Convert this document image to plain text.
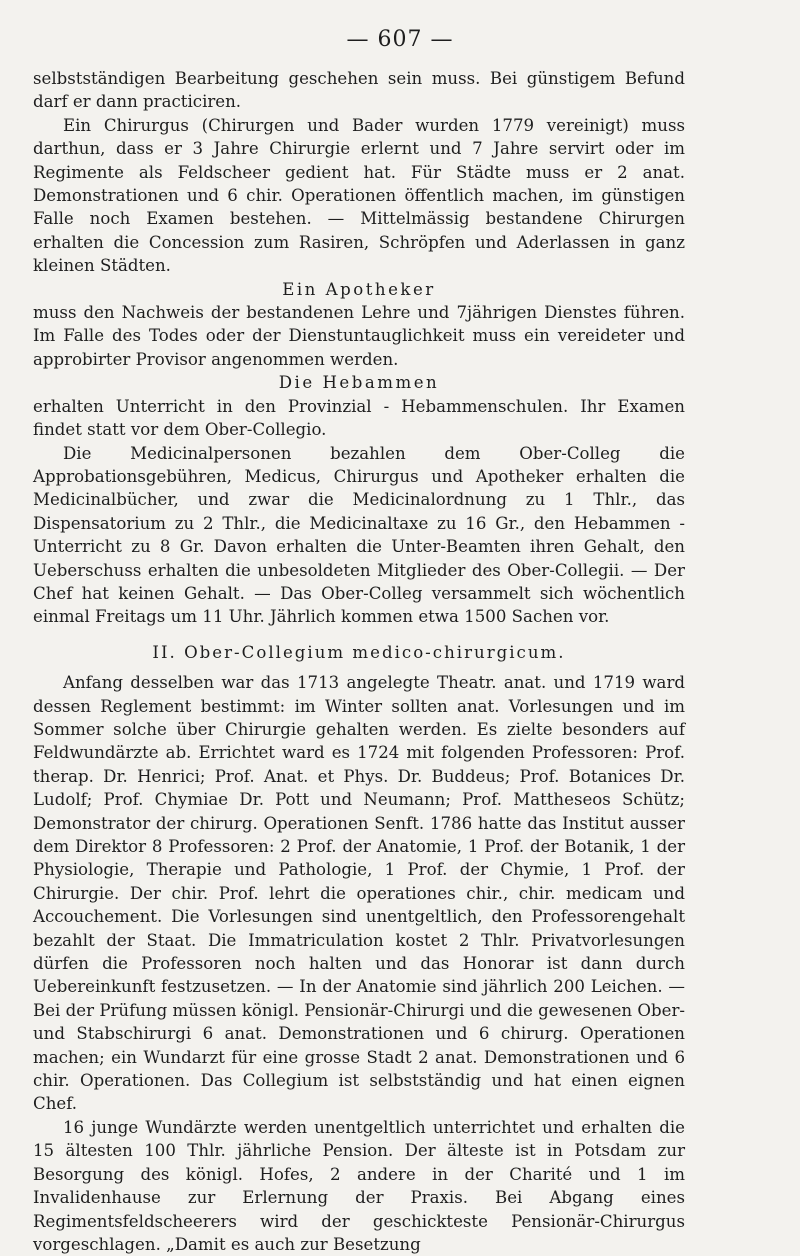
— 607 —

selbstständigen Bearbeitung geschehen sein muss. Bei günstigem Befund darf er dann practiciren.

Ein Chirurgus (Chirurgen und Bader wurden 1779 vereinigt) muss darthun, dass er 3 Jahre Chirurgie erlernt und 7 Jahre servirt oder im Regimente als Feldscheer gedient hat. Für Städte muss er 2 anat. Demonstrationen und 6 chir. Operationen öffentlich machen, im günstigen Falle noch Examen bestehen. — Mittelmässig bestandene Chirurgen erhalten die Concession zum Rasiren, Schröpfen und Aderlassen in ganz kleinen Städten.

Ein Apotheker

muss den Nachweis der bestandenen Lehre und 7jährigen Dienstes führen. Im Falle des Todes oder der Dienstuntauglichkeit muss ein vereideter und approbirter Provisor angenommen werden.

Die Hebammen

erhalten Unterricht in den Provinzial - Hebammenschulen. Ihr Examen findet statt vor dem Ober-Collegio.

Die Medicinalpersonen bezahlen dem Ober-Colleg die Approbationsgebühren, Medicus, Chirurgus und Apotheker erhalten die Medicinalbücher, und zwar die Medicinalordnung zu 1 Thlr., das Dispensatorium zu 2 Thlr., die Medicinaltaxe zu 16 Gr., den Hebammen - Unterricht zu 8 Gr. Davon erhalten die Unter-Beamten ihren Gehalt, den Ueberschuss erhalten die unbesoldeten Mitglieder des Ober-Collegii. — Der Chef hat keinen Gehalt. — Das Ober-Colleg versammelt sich wöchentlich einmal Freitags um 11 Uhr. Jährlich kommen etwa 1500 Sachen vor.

II. Ober-Collegium medico-chirurgicum.

Anfang desselben war das 1713 angelegte Theatr. anat. und 1719 ward dessen Reglement bestimmt: im Winter sollten anat. Vorlesungen und im Sommer solche über Chirurgie gehalten werden. Es zielte besonders auf Feldwundärzte ab. Errichtet ward es 1724 mit folgenden Professoren: Prof. therap. Dr. Henrici; Prof. Anat. et Phys. Dr. Buddeus; Prof. Botanices Dr. Ludolf; Prof. Chymiae Dr. Pott und Neumann; Prof. Mattheseos Schütz; Demonstrator der chirurg. Operationen Senft. 1786 hatte das Institut ausser dem Direktor 8 Professoren: 2 Prof. der Anatomie, 1 Prof. der Botanik, 1 der Physiologie, Therapie und Pathologie, 1 Prof. der Chymie, 1 Prof. der Chirurgie. Der chir. Prof. lehrt die operationes chir., chir. medicam und Accouchement. Die Vorlesungen sind unentgeltlich, den Professorengehalt bezahlt der Staat. Die Immatriculation kostet 2 Thlr. Privatvorlesungen dürfen die Professoren noch halten und das Honorar ist dann durch Uebereinkunft festzusetzen. — In der Anatomie sind jährlich 200 Leichen. — Bei der Prüfung müssen königl. Pensionär-Chirurgi und die gewesenen Ober- und Stabschirurgi 6 anat. Demonstrationen und 6 chirurg. Operationen machen; ein Wundarzt für eine grosse Stadt 2 anat. Demonstrationen und 6 chir. Operationen. Das Collegium ist selbstständig und hat einen eignen Chef.

16 junge Wundärzte werden unentgeltlich unterrichtet und erhalten die 15 ältesten 100 Thlr. jährliche Pension. Der älteste ist in Potsdam zur Besorgung des königl. Hofes, 2 andere in der Charité und 1 im Invalidenhause zur Erlernung der Praxis. Bei Abgang eines Regimentsfeldscheerers wird der geschickteste Pensionär-Chirurgus vorgeschlagen. „Damit es auch zur Besetzung
